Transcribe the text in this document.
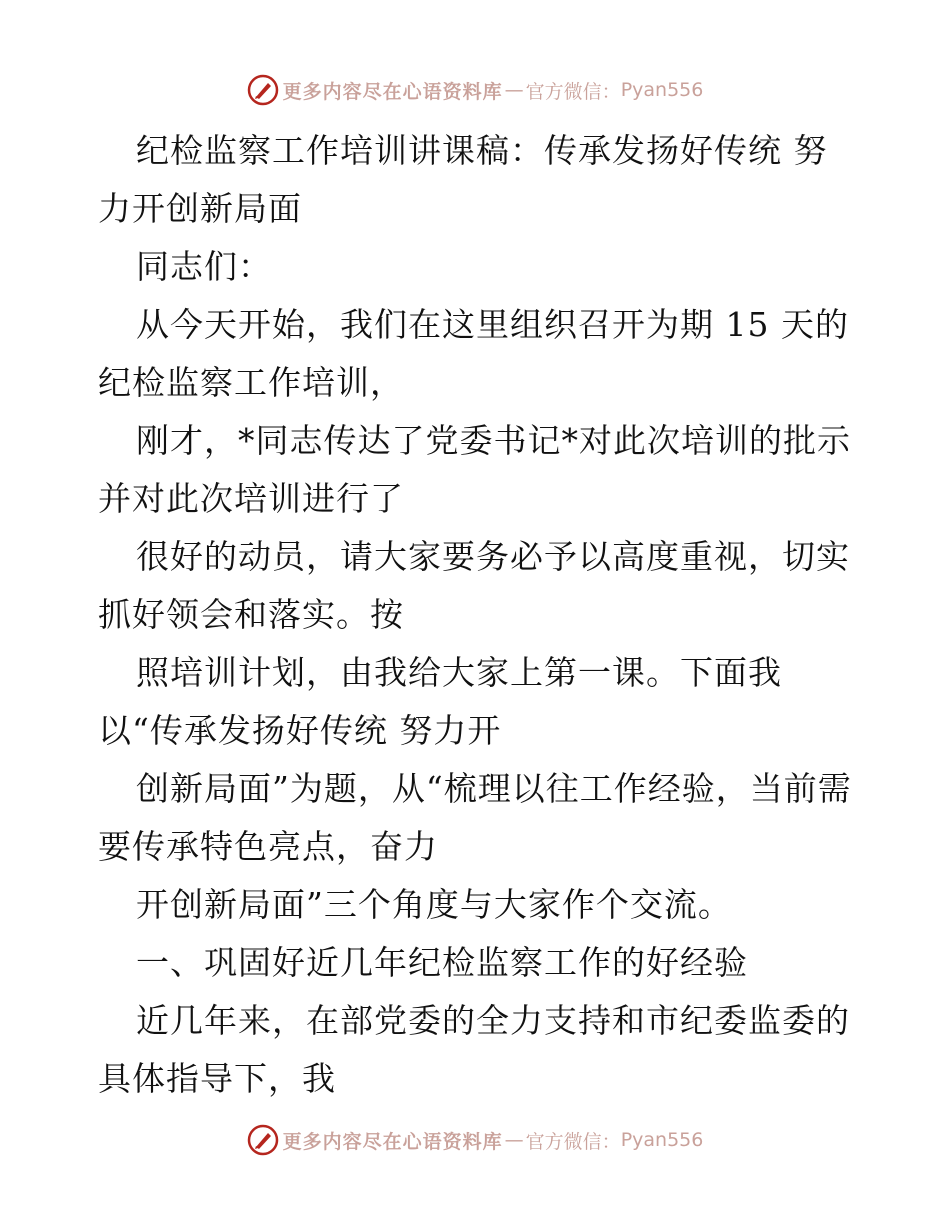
更多内容尽在心语资料库 — 官方微信： Pyan556

纪检监察工作培训讲课稿：传承发扬好传统 努力开创新局面

同志们：

从今天开始，我们在这里组织召开为期 15 天的纪检监察工作培训，

刚才，*同志传达了党委书记*对此次培训的批示并对此次培训进行了

很好的动员，请大家要务必予以高度重视，切实抓好领会和落实。按

照培训计划，由我给大家上第一课。下面我以“传承发扬好传统 努力开

创新局面”为题，从“梳理以往工作经验，当前需要传承特色亮点，奋力

开创新局面”三个角度与大家作个交流。

一、巩固好近几年纪检监察工作的好经验

近几年来，在部党委的全力支持和市纪委监委的具体指导下，我

更多内容尽在心语资料库 — 官方微信： Pyan556
